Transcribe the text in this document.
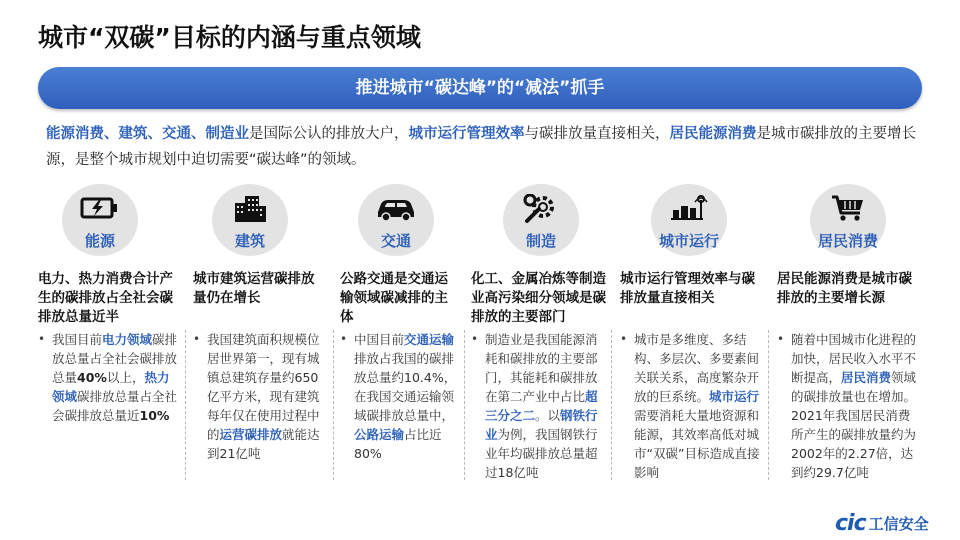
城市“双碳”目标的内涵与重点领域
推进城市“碳达峰”的“减法”抓手
能源消费、建筑、交通、制造业是国际公认的排放大户，城市运行管理效率与碳排放量直接相关，居民能源消费是城市碳排放的主要增长源，是整个城市规划中迫切需要“碳达峰”的领域。
能源	建筑	交通	制造	城市运行	居民消费
电力、热力消费合计产生的碳排放占全社会碳排放总量近半
• 我国目前电力领域碳排放总量占全社会碳排放总量40%以上，热力领域碳排放总量占全社会碳排放总量近10%
城市建筑运营碳排放量仍在增长
• 我国建筑面积规模位居世界第一，现有城镇总建筑存量约650亿平方米，现有建筑每年仅在使用过程中的运营碳排放就能达到21亿吨
公路交通是交通运输领域碳减排的主体
• 中国目前交通运输排放占我国的碳排放总量约10.4%，在我国交通运输领域碳排放总量中，公路运输占比近80%
化工、金属冶炼等制造业高污染细分领域是碳排放的主要部门
• 制造业是我国能源消耗和碳排放的主要部门，其能耗和碳排放在第二产业中占比超三分之二。以钢铁行业为例，我国钢铁行业年均碳排放总量超过18亿吨
城市运行管理效率与碳排放量直接相关
• 城市是多维度、多结构、多层次、多要素间关联关系，高度繁杂开放的巨系统。城市运行需要消耗大量地资源和能源，其效率高低对城市“双碳”目标造成直接影响
居民能源消费是城市碳排放的主要增长源
• 随着中国城市化进程的加快，居民收入水平不断提高，居民消费领域的碳排放量也在增加。2021年我国居民消费所产生的碳排放量约为2002年的2.27倍，达到约29.7亿吨
cic 工信安全
